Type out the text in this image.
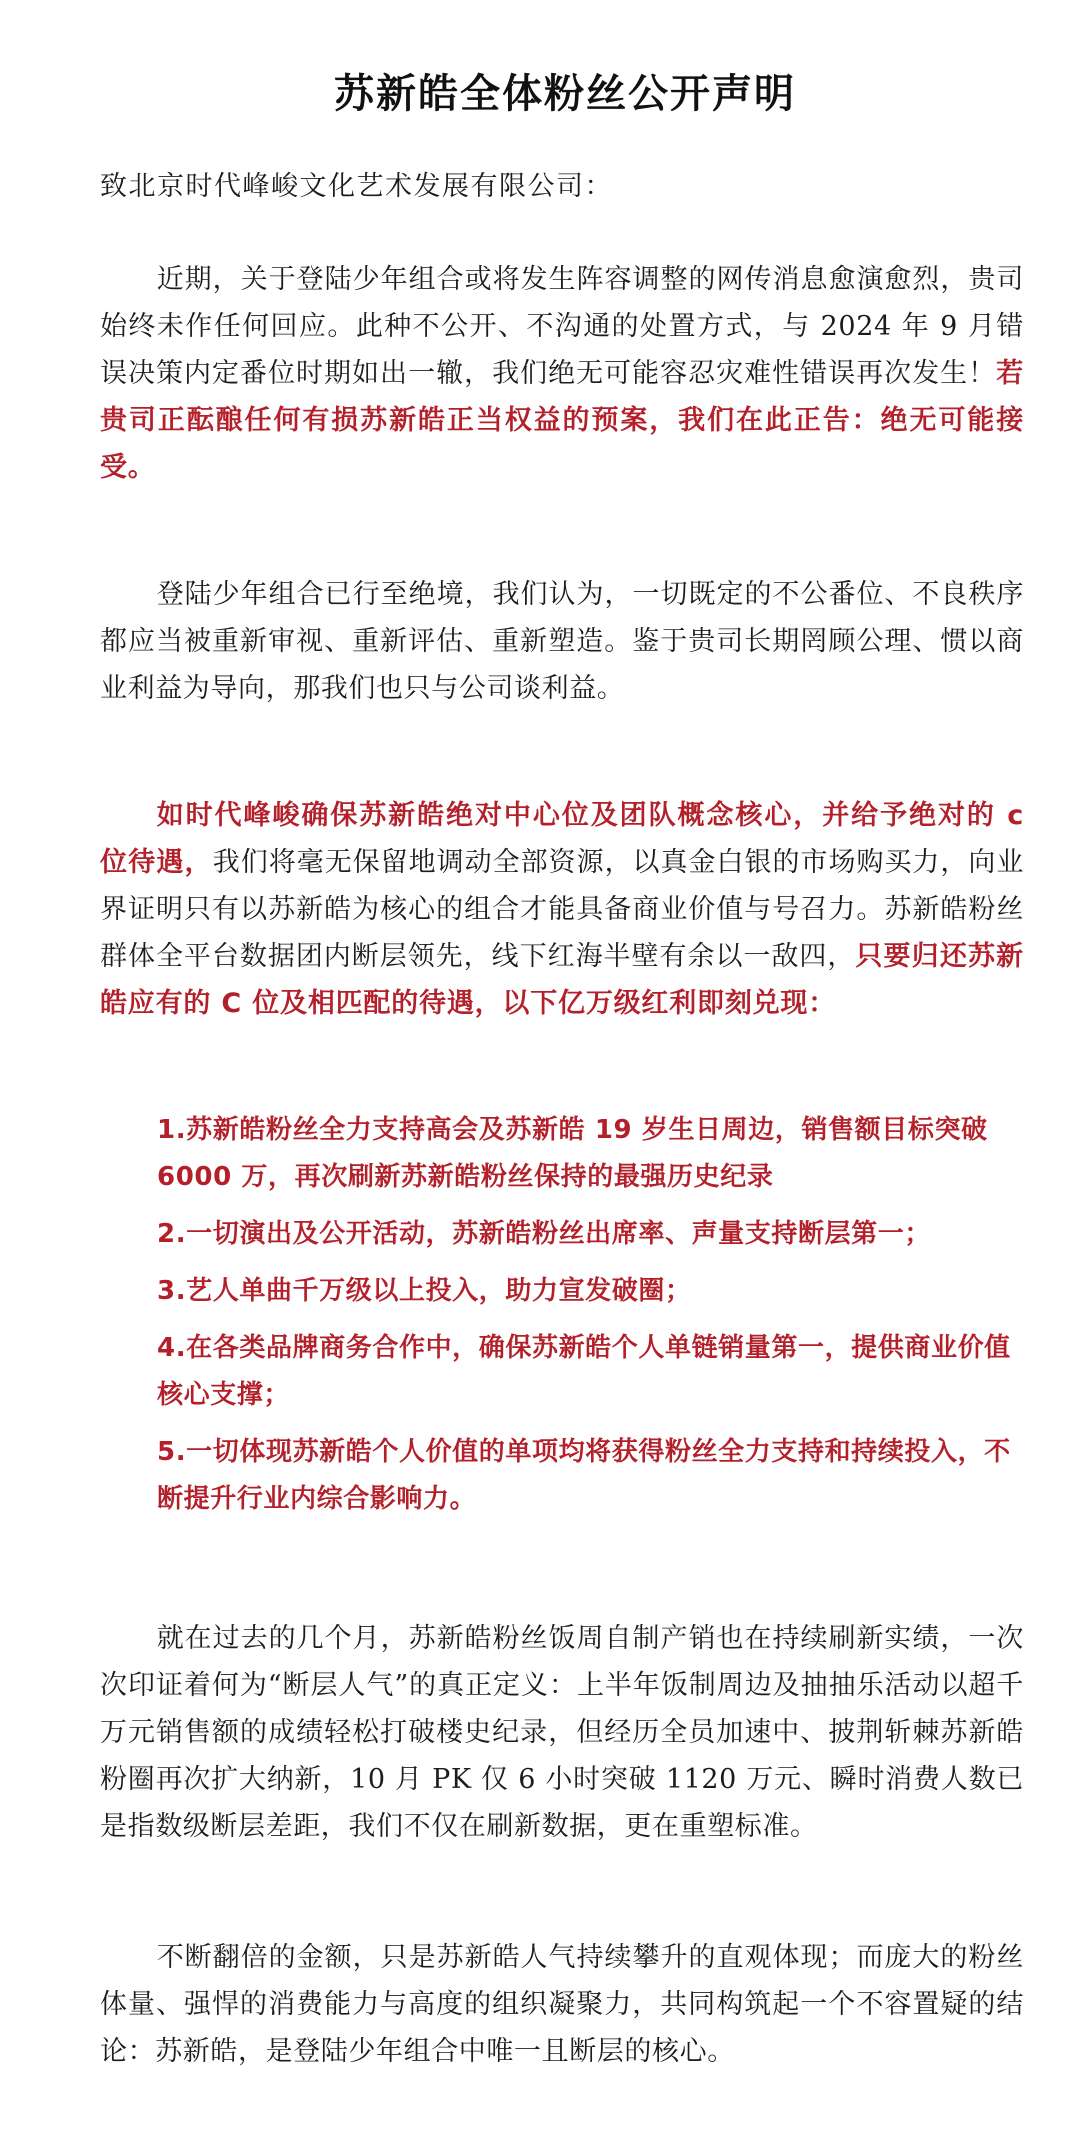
苏新皓全体粉丝公开声明
致北京时代峰峻文化艺术发展有限公司：

近期，关于登陆少年组合或将发生阵容调整的网传消息愈演愈烈，贵司始终未作任何回应。此种不公开、不沟通的处置方式，与 2024 年 9 月错误决策内定番位时期如出一辙，我们绝无可能容忍灾难性错误再次发生！若贵司正酝酿任何有损苏新皓正当权益的预案，我们在此正告：绝无可能接受。

登陆少年组合已行至绝境，我们认为，一切既定的不公番位、不良秩序都应当被重新审视、重新评估、重新塑造。鉴于贵司长期罔顾公理、惯以商业利益为导向，那我们也只与公司谈利益。

如时代峰峻确保苏新皓绝对中心位及团队概念核心，并给予绝对的 c 位待遇，我们将毫无保留地调动全部资源，以真金白银的市场购买力，向业界证明只有以苏新皓为核心的组合才能具备商业价值与号召力。苏新皓粉丝群体全平台数据团内断层领先，线下红海半壁有余以一敌四，只要归还苏新皓应有的 C 位及相匹配的待遇，以下亿万级红利即刻兑现：

1.苏新皓粉丝全力支持高会及苏新皓 19 岁生日周边，销售额目标突破 6000 万，再次刷新苏新皓粉丝保持的最强历史纪录
2.一切演出及公开活动，苏新皓粉丝出席率、声量支持断层第一；
3.艺人单曲千万级以上投入，助力宣发破圈；
4.在各类品牌商务合作中，确保苏新皓个人单链销量第一，提供商业价值核心支撑；
5.一切体现苏新皓个人价值的单项均将获得粉丝全力支持和持续投入，不断提升行业内综合影响力。

就在过去的几个月，苏新皓粉丝饭周自制产销也在持续刷新实绩，一次次印证着何为“断层人气”的真正定义：上半年饭制周边及抽抽乐活动以超千万元销售额的成绩轻松打破楼史纪录，但经历全员加速中、披荆斩棘苏新皓粉圈再次扩大纳新，10 月 PK 仅 6 小时突破 1120 万元、瞬时消费人数已是指数级断层差距，我们不仅在刷新数据，更在重塑标准。

不断翻倍的金额，只是苏新皓人气持续攀升的直观体现；而庞大的粉丝体量、强悍的消费能力与高度的组织凝聚力，共同构筑起一个不容置疑的结论：苏新皓，是登陆少年组合中唯一且断层的核心。
